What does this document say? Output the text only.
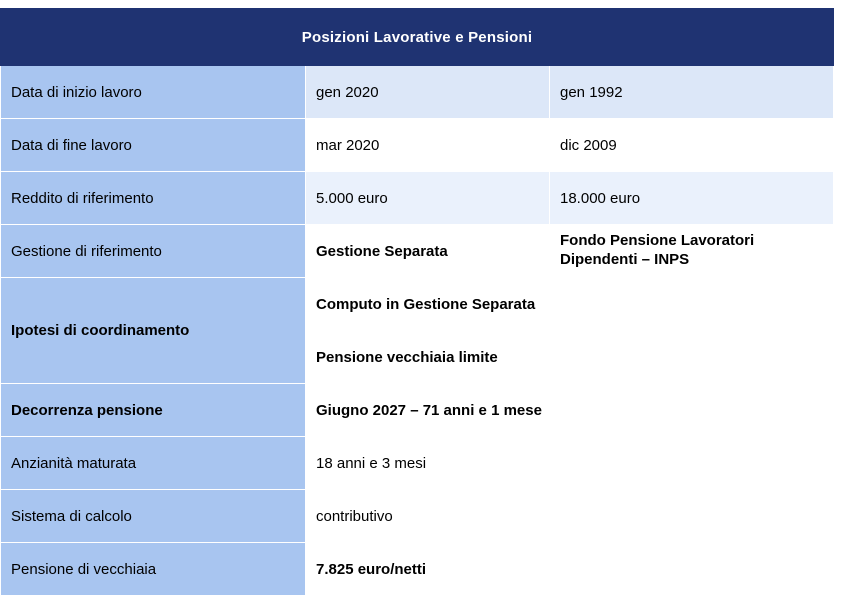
Posizioni Lavorative e Pensioni		
Data di inizio lavoro	gen 2020	gen 1992
Data di fine lavoro	mar 2020	dic 2009
Reddito di riferimento	5.000 euro	18.000 euro
Gestione di riferimento	Gestione Separata	Fondo Pensione Lavoratori
Dipendenti – INPS

Ipotesi di coordinamento	Computo in Gestione Separata	
	Pensione vecchiaia limite	
Decorrenza pensione	Giugno 2027 – 71 anni e 1 mese	
Anzianità maturata	18 anni e 3 mesi	
Sistema di calcolo	contributivo	
Pensione di vecchiaia	7.825 euro/netti	
